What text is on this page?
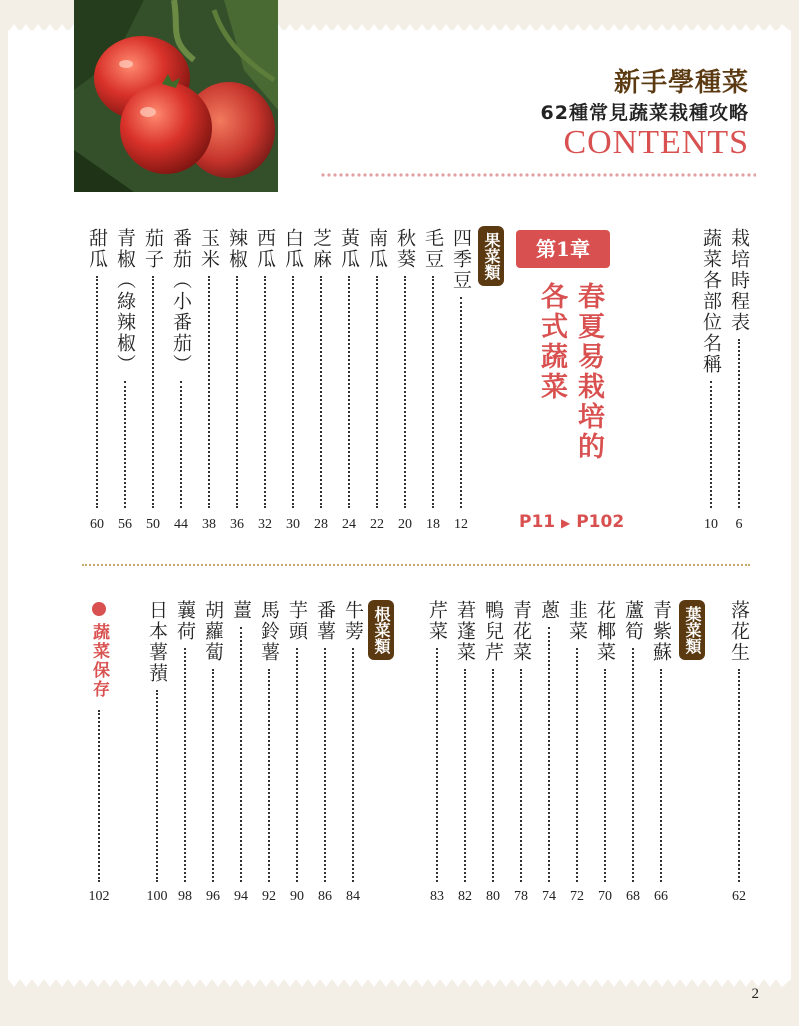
新手學種菜
62種常見蔬菜栽種攻略
CONTENTS
第1章
春夏易栽培的
各式蔬菜
P11 ▶ P102
果菜類
葉菜類
根菜類
蔬菜保存
栽培時程表
6
蔬菜各部位名稱
10
四季豆
12
毛豆
18
秋葵
20
南瓜
22
黃瓜
24
芝麻
28
白瓜
30
西瓜
32
辣椒
36
玉米
38
番茄（小番茄）
44
茄子
50
青椒（綠辣椒）
56
甜瓜
60
落花生
62
青紫蘇
66
蘆筍
68
花椰菜
70
韭菜
72
蔥
74
青花菜
78
鴨兒芹
80
莙蓬菜
82
芹菜
83
牛蒡
84
番薯
86
芋頭
90
馬鈴薯
92
薑
94
胡蘿蔔
96
蘘荷
98
日本薯蕷
100
102
2
